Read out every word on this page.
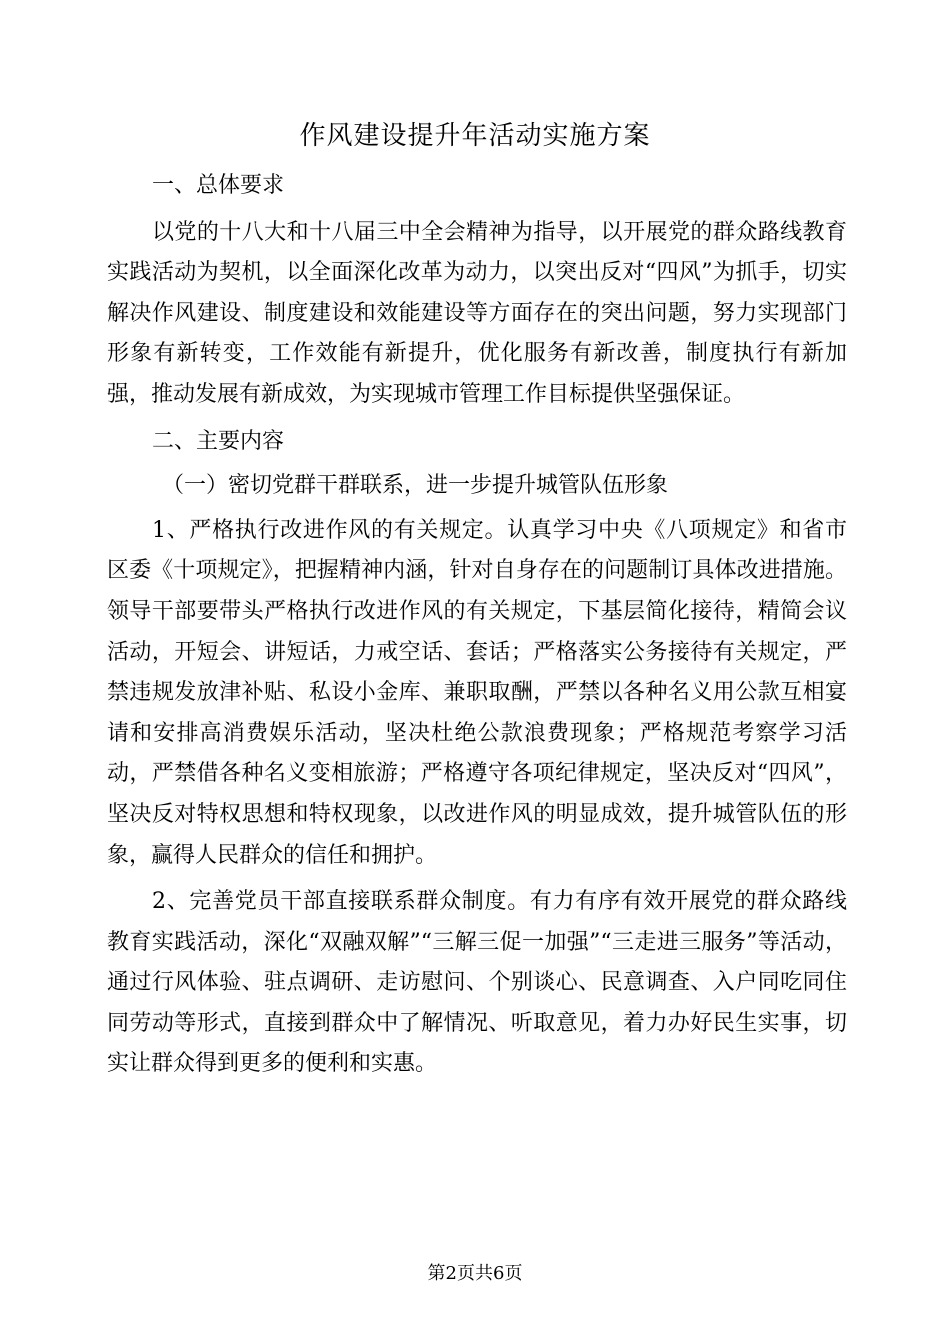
作风建设提升年活动实施方案

一、总体要求

以党的十八大和十八届三中全会精神为指导，以开展党的群众路线教育实践活动为契机，以全面深化改革为动力，以突出反对“四风”为抓手，切实解决作风建设、制度建设和效能建设等方面存在的突出问题，努力实现部门形象有新转变，工作效能有新提升，优化服务有新改善，制度执行有新加强，推动发展有新成效，为实现城市管理工作目标提供坚强保证。

二、主要内容

（一）密切党群干群联系，进一步提升城管队伍形象

1、严格执行改进作风的有关规定。认真学习中央《八项规定》和省市区委《十项规定》，把握精神内涵，针对自身存在的问题制订具体改进措施。领导干部要带头严格执行改进作风的有关规定，下基层简化接待，精简会议活动，开短会、讲短话，力戒空话、套话；严格落实公务接待有关规定，严禁违规发放津补贴、私设小金库、兼职取酬，严禁以各种名义用公款互相宴请和安排高消费娱乐活动，坚决杜绝公款浪费现象；严格规范考察学习活动，严禁借各种名义变相旅游；严格遵守各项纪律规定，坚决反对“四风”，坚决反对特权思想和特权现象，以改进作风的明显成效，提升城管队伍的形象，赢得人民群众的信任和拥护。

2、完善党员干部直接联系群众制度。有力有序有效开展党的群众路线教育实践活动，深化“双融双解”“三解三促一加强”“三走进三服务”等活动，通过行风体验、驻点调研、走访慰问、个别谈心、民意调查、入户同吃同住同劳动等形式，直接到群众中了解情况、听取意见，着力办好民生实事，切实让群众得到更多的便利和实惠。

第2页共6页
